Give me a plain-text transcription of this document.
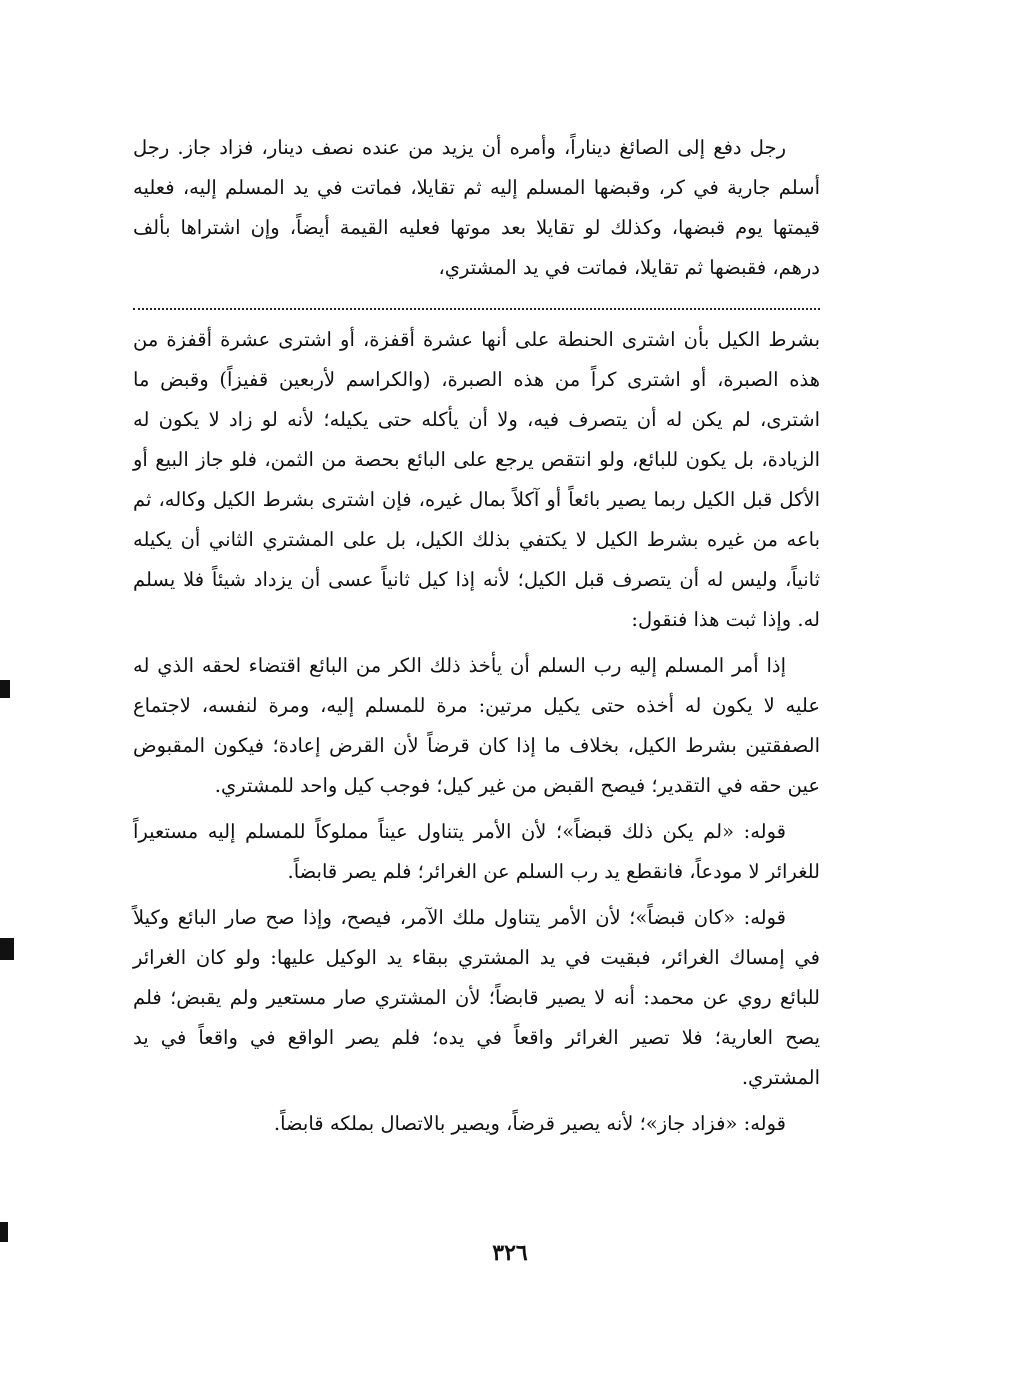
رجل دفع إلى الصائغ ديناراً، وأمره أن يزيد من عنده نصف دينار، فزاد جاز. رجل أسلم جارية في كر، وقبضها المسلم إليه ثم تقايلا، فماتت في يد المسلم إليه، فعليه قيمتها يوم قبضها، وكذلك لو تقايلا بعد موتها فعليه القيمة أيضاً، وإن اشتراها بألف درهم، فقبضها ثم تقايلا، فماتت في يد المشتري،

بشرط الكيل بأن اشترى الحنطة على أنها عشرة أقفزة، أو اشترى عشرة أقفزة من هذه الصبرة، أو اشترى كراً من هذه الصبرة، (والكراسم لأربعين قفيزاً) وقبض ما اشترى، لم يكن له أن يتصرف فيه، ولا أن يأكله حتى يكيله؛ لأنه لو زاد لا يكون له الزيادة، بل يكون للبائع، ولو انتقص يرجع على البائع بحصة من الثمن، فلو جاز البيع أو الأكل قبل الكيل ربما يصير بائعاً أو آكلاً بمال غيره، فإن اشترى بشرط الكيل وكاله، ثم باعه من غيره بشرط الكيل لا يكتفي بذلك الكيل، بل على المشتري الثاني أن يكيله ثانياً، وليس له أن يتصرف قبل الكيل؛ لأنه إذا كيل ثانياً عسى أن يزداد شيئاً فلا يسلم له. وإذا ثبت هذا فنقول:

إذا أمر المسلم إليه رب السلم أن يأخذ ذلك الكر من البائع اقتضاء لحقه الذي له عليه لا يكون له أخذه حتى يكيل مرتين: مرة للمسلم إليه، ومرة لنفسه، لاجتماع الصفقتين بشرط الكيل، بخلاف ما إذا كان قرضاً لأن القرض إعادة؛ فيكون المقبوض عين حقه في التقدير؛ فيصح القبض من غير كيل؛ فوجب كيل واحد للمشتري.

قوله: «لم يكن ذلك قبضاً»؛ لأن الأمر يتناول عيناً مملوكاً للمسلم إليه مستعيراً للغرائر لا مودعاً، فانقطع يد رب السلم عن الغرائر؛ فلم يصر قابضاً.

قوله: «كان قبضاً»؛ لأن الأمر يتناول ملك الآمر، فيصح، وإذا صح صار البائع وكيلاً في إمساك الغرائر، فبقيت في يد المشتري ببقاء يد الوكيل عليها: ولو كان الغرائر للبائع روي عن محمد: أنه لا يصير قابضاً؛ لأن المشتري صار مستعير ولم يقبض؛ فلم يصح العارية؛ فلا تصير الغرائر واقعاً في يده؛ فلم يصر الواقع في واقعاً في يد المشتري.

قوله: «فزاد جاز»؛ لأنه يصير قرضاً، ويصير بالاتصال بملكه قابضاً.

٣٢٦
